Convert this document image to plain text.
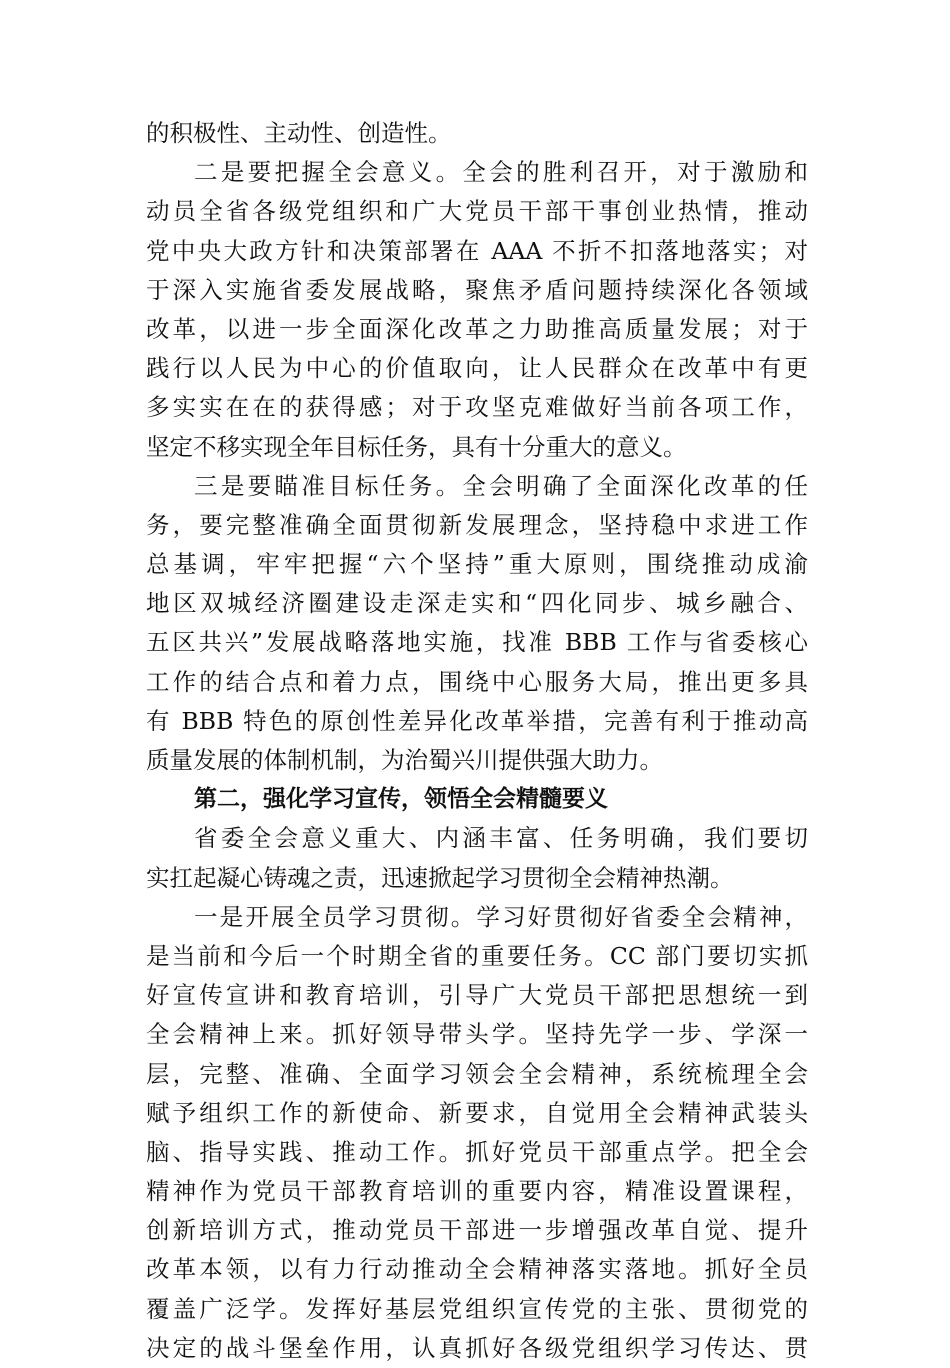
的积极性、主动性、创造性。
二是要把握全会意义。全会的胜利召开，对于激励和
动员全省各级党组织和广大党员干部干事创业热情，推动
党中央大政方针和决策部署在 AAA 不折不扣落地落实；对
于深入实施省委发展战略，聚焦矛盾问题持续深化各领域
改革，以进一步全面深化改革之力助推高质量发展；对于
践行以人民为中心的价值取向，让人民群众在改革中有更
多实实在在的获得感；对于攻坚克难做好当前各项工作，
坚定不移实现全年目标任务，具有十分重大的意义。
三是要瞄准目标任务。全会明确了全面深化改革的任
务，要完整准确全面贯彻新发展理念，坚持稳中求进工作
总基调，牢牢把握“六个坚持”重大原则，围绕推动成渝
地区双城经济圈建设走深走实和“四化同步、城乡融合、
五区共兴”发展战略落地实施，找准 BBB 工作与省委核心
工作的结合点和着力点，围绕中心服务大局，推出更多具
有 BBB 特色的原创性差异化改革举措，完善有利于推动高
质量发展的体制机制，为治蜀兴川提供强大助力。
第二，强化学习宣传，领悟全会精髓要义
省委全会意义重大、内涵丰富、任务明确，我们要切
实扛起凝心铸魂之责，迅速掀起学习贯彻全会精神热潮。
一是开展全员学习贯彻。学习好贯彻好省委全会精神，
是当前和今后一个时期全省的重要任务。CC 部门要切实抓
好宣传宣讲和教育培训，引导广大党员干部把思想统一到
全会精神上来。抓好领导带头学。坚持先学一步、学深一
层，完整、准确、全面学习领会全会精神，系统梳理全会
赋予组织工作的新使命、新要求，自觉用全会精神武装头
脑、指导实践、推动工作。抓好党员干部重点学。把全会
精神作为党员干部教育培训的重要内容，精准设置课程，
创新培训方式，推动党员干部进一步增强改革自觉、提升
改革本领，以有力行动推动全会精神落实落地。抓好全员
覆盖广泛学。发挥好基层党组织宣传党的主张、贯彻党的
决定的战斗堡垒作用，认真抓好各级党组织学习传达、贯
